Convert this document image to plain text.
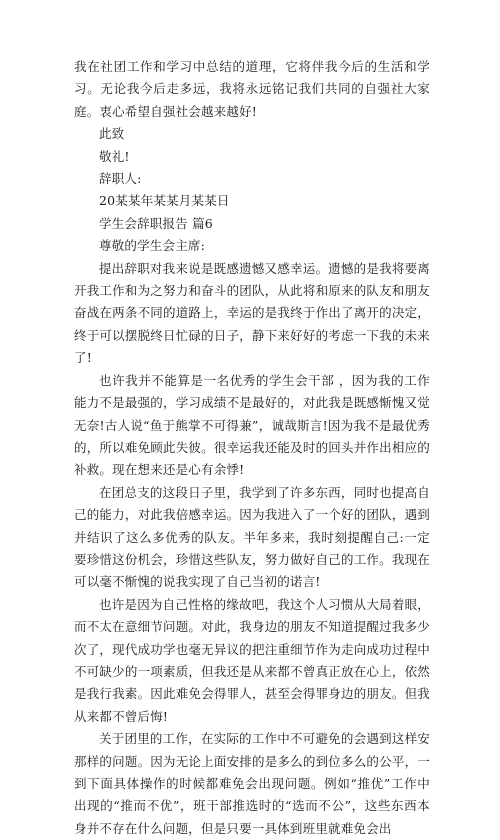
我在社团工作和学习中总结的道理，它将伴我今后的生活和学习。无论我今后走多远，我将永远铭记我们共同的自强社大家庭。衷心希望自强社会越来越好!

此致

敬礼!

辞职人:

20某某年某某月某某日

学生会辞职报告 篇6

尊敬的学生会主席:

提出辞职对我来说是既感遗憾又感幸运。遗憾的是我将要离开我工作和为之努力和奋斗的团队，从此将和原来的队友和朋友奋战在两条不同的道路上，幸运的是我终于作出了离开的决定，终于可以摆脱终日忙碌的日子，静下来好好的考虑一下我的未来了!

也许我并不能算是一名优秀的学生会干部 ，因为我的工作能力不是最强的，学习成绩不是最好的，对此我是既感惭愧又觉无奈!古人说“鱼于熊掌不可得兼”，诚哉斯言!因为我不是最优秀的，所以难免顾此失彼。很幸运我还能及时的回头并作出相应的补救。现在想来还是心有余悸!

在团总支的这段日子里，我学到了许多东西，同时也提高自己的能力，对此我倍感幸运。因为我进入了一个好的团队，遇到并结识了这么多优秀的队友。半年多来，我时刻提醒自己:一定要珍惜这份机会，珍惜这些队友，努力做好自己的工作。我现在可以毫不惭愧的说我实现了自己当初的诺言!

也许是因为自己性格的缘故吧，我这个人习惯从大局着眼，而不太在意细节问题。对此，我身边的朋友不知道提醒过我多少次了，现代成功学也毫无异议的把注重细节作为走向成功过程中不可缺少的一项素质，但我还是从来都不曾真正放在心上，依然是我行我素。因此难免会得罪人，甚至会得罪身边的朋友。但我从来都不曾后悔!

关于团里的工作，在实际的工作中不可避免的会遇到这样安那样的问题。因为无论上面安排的是多么的到位多么的公平，一到下面具体操作的时候都难免会出现问题。例如“推优”工作中出现的“推而不优”，班干部推选时的“选而不公”，这些东西本身并不存在什么问题，但是只要一具体到班里就难免会出
